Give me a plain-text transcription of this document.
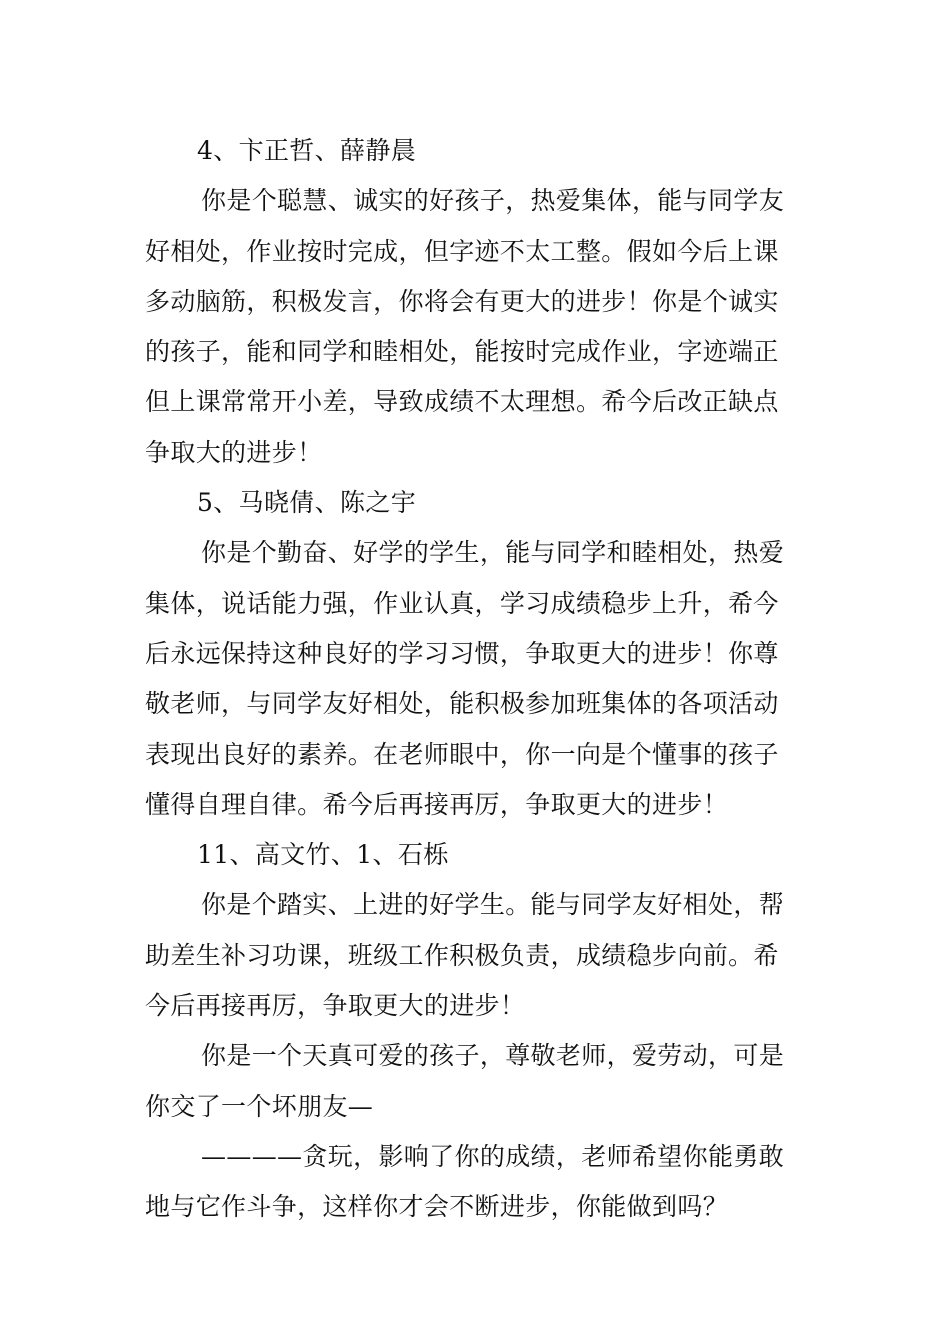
4、卞正哲、薛静晨
你是个聪慧、诚实的好孩子，热爱集体，能与同学友
好相处，作业按时完成，但字迹不太工整。假如今后上课
多动脑筋，积极发言，你将会有更大的进步！你是个诚实
的孩子，能和同学和睦相处，能按时完成作业，字迹端正
但上课常常开小差，导致成绩不太理想。希今后改正缺点
争取大的进步！
5、马晓倩、陈之宇
你是个勤奋、好学的学生，能与同学和睦相处，热爱
集体，说话能力强，作业认真，学习成绩稳步上升，希今
后永远保持这种良好的学习习惯，争取更大的进步！你尊
敬老师，与同学友好相处，能积极参加班集体的各项活动
表现出良好的素养。在老师眼中，你一向是个懂事的孩子
懂得自理自律。希今后再接再厉，争取更大的进步！
11、高文竹、1、石栎
你是个踏实、上进的好学生。能与同学友好相处，帮
助差生补习功课，班级工作积极负责，成绩稳步向前。希
今后再接再厉，争取更大的进步！
你是一个天真可爱的孩子，尊敬老师，爱劳动，可是
你交了一个坏朋友—
————贪玩，影响了你的成绩，老师希望你能勇敢
地与它作斗争，这样你才会不断进步，你能做到吗？
